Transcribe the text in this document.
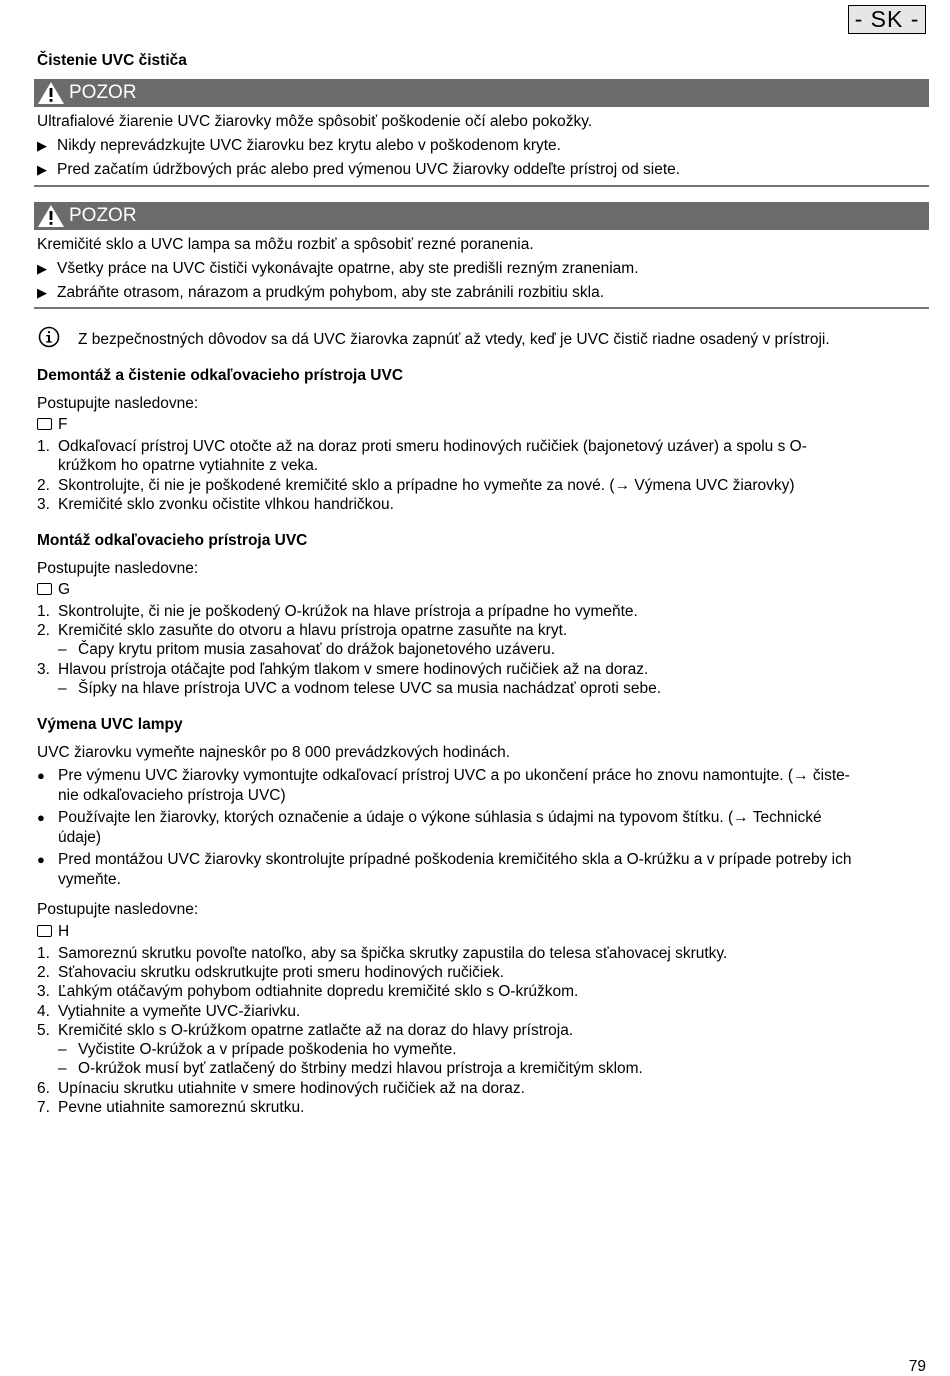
- SK -
Čistenie UVC čističa
POZOR
Ultrafialové žiarenie UVC žiarovky môže spôsobiť poškodenie očí alebo pokožky.
▶ Nikdy neprevádzkujte UVC žiarovku bez krytu alebo v poškodenom kryte.
▶ Pred začatím údržbových prác alebo pred výmenou UVC žiarovky oddeľte prístroj od siete.
POZOR
Kremičité sklo a UVC lampa sa môžu rozbiť a spôsobiť rezné poranenia.
▶ Všetky práce na UVC čističi vykonávajte opatrne, aby ste predišli rezným zraneniam.
▶ Zabráňte otrasom, nárazom a prudkým pohybom, aby ste zabránili rozbitiu skla.
Z bezpečnostných dôvodov sa dá UVC žiarovka zapnúť až vtedy, keď je UVC čistič riadne osadený v prístroji.
Demontáž a čistenie odkaľovacieho prístroja UVC
Postupujte nasledovne:
F
1. Odkaľovací prístroj UVC otočte až na doraz proti smeru hodinových ručičiek (bajonetový uzáver) a spolu s O-
krúžkom ho opatrne vytiahnite z veka.
2. Skontrolujte, či nie je poškodené kremičité sklo a prípadne ho vymeňte za nové. (→ Výmena UVC žiarovky)
3. Kremičité sklo zvonku očistite vlhkou handričkou.
Montáž odkaľovacieho prístroja UVC
Postupujte nasledovne:
G
1. Skontrolujte, či nie je poškodený O-krúžok na hlave prístroja a prípadne ho vymeňte.
2. Kremičité sklo zasuňte do otvoru a hlavu prístroja opatrne zasuňte na kryt.
– Čapy krytu pritom musia zasahovať do drážok bajonetového uzáveru.
3. Hlavou prístroja otáčajte pod ľahkým tlakom v smere hodinových ručičiek až na doraz.
– Šípky na hlave prístroja UVC a vodnom telese UVC sa musia nachádzať oproti sebe.
Výmena UVC lampy
UVC žiarovku vymeňte najneskôr po 8 000 prevádzkových hodinách.
● Pre výmenu UVC žiarovky vymontujte odkaľovací prístroj UVC a po ukončení práce ho znovu namontujte. (→ čiste-
nie odkaľovacieho prístroja UVC)
● Používajte len žiarovky, ktorých označenie a údaje o výkone súhlasia s údajmi na typovom štítku. (→ Technické
údaje)
● Pred montážou UVC žiarovky skontrolujte prípadné poškodenia kremičitého skla a O-krúžku a v prípade potreby ich
vymeňte.
Postupujte nasledovne:
H
1. Samoreznú skrutku povoľte natoľko, aby sa špička skrutky zapustila do telesa sťahovacej skrutky.
2. Sťahovaciu skrutku odskrutkujte proti smeru hodinových ručičiek.
3. Ľahkým otáčavým pohybom odtiahnite dopredu kremičité sklo s O-krúžkom.
4. Vytiahnite a vymeňte UVC-žiarivku.
5. Kremičité sklo s O-krúžkom opatrne zatlačte až na doraz do hlavy prístroja.
– Vyčistite O-krúžok a v prípade poškodenia ho vymeňte.
– O-krúžok musí byť zatlačený do štrbiny medzi hlavou prístroja a kremičitým sklom.
6. Upínaciu skrutku utiahnite v smere hodinových ručičiek až na doraz.
7. Pevne utiahnite samoreznú skrutku.
79
